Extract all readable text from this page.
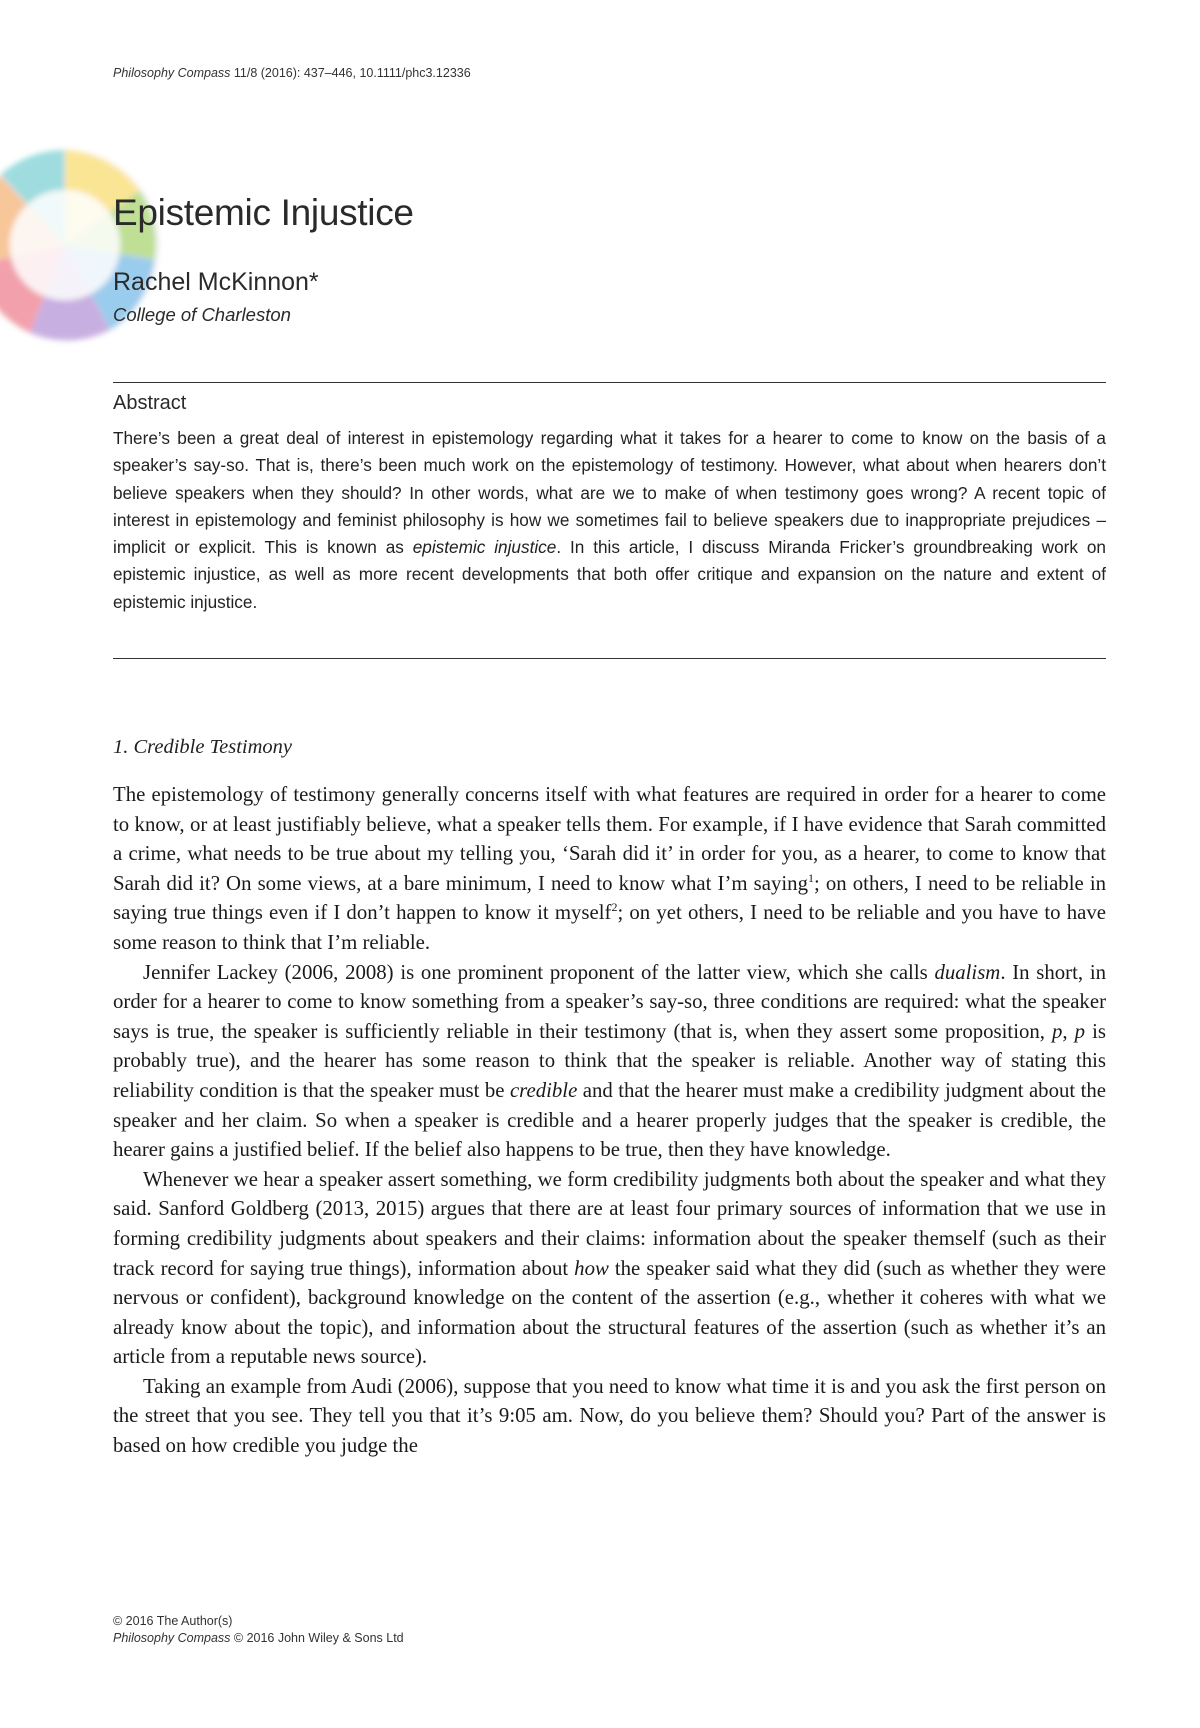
Philosophy Compass 11/8 (2016): 437–446, 10.1111/phc3.12336
Epistemic Injustice
Rachel McKinnon*
College of Charleston
Abstract

There’s been a great deal of interest in epistemology regarding what it takes for a hearer to come to know on the basis of a speaker’s say-so. That is, there’s been much work on the epistemology of testimony. However, what about when hearers don’t believe speakers when they should? In other words, what are we to make of when testimony goes wrong? A recent topic of interest in epistemology and feminist philosophy is how we sometimes fail to believe speakers due to inappropriate prejudices – implicit or explicit. This is known as epistemic injustice. In this article, I discuss Miranda Fricker’s groundbreaking work on epistemic injustice, as well as more recent developments that both offer critique and expansion on the nature and extent of epistemic injustice.

1. Credible Testimony

The epistemology of testimony generally concerns itself with what features are required in order for a hearer to come to know, or at least justifiably believe, what a speaker tells them. For example, if I have evidence that Sarah committed a crime, what needs to be true about my telling you, ‘Sarah did it’ in order for you, as a hearer, to come to know that Sarah did it? On some views, at a bare minimum, I need to know what I’m saying$^1$; on others, I need to be reliable in saying true things even if I don’t happen to know it myself$^2$; on yet others, I need to be reliable and you have to have some reason to think that I’m reliable.

Jennifer Lackey (2006, 2008) is one prominent proponent of the latter view, which she calls dualism. In short, in order for a hearer to come to know something from a speaker’s say-so, three conditions are required: what the speaker says is true, the speaker is sufficiently reliable in their testimony (that is, when they assert some proposition, p, p is probably true), and the hearer has some reason to think that the speaker is reliable. Another way of stating this reliability condition is that the speaker must be credible and that the hearer must make a credibility judgment about the speaker and her claim. So when a speaker is credible and a hearer properly judges that the speaker is credible, the hearer gains a justified belief. If the belief also happens to be true, then they have knowledge.

Whenever we hear a speaker assert something, we form credibility judgments both about the speaker and what they said. Sanford Goldberg (2013, 2015) argues that there are at least four primary sources of information that we use in forming credibility judgments about speakers and their claims: information about the speaker themself (such as their track record for saying true things), information about how the speaker said what they did (such as whether they were nervous or confident), background knowledge on the content of the assertion (e.g., whether it coheres with what we already know about the topic), and information about the structural features of the assertion (such as whether it’s an article from a reputable news source).

Taking an example from Audi (2006), suppose that you need to know what time it is and you ask the first person on the street that you see. They tell you that it’s 9:05 am. Now, do you believe them? Should you? Part of the answer is based on how credible you judge the

© 2016 The Author(s)
Philosophy Compass © 2016 John Wiley & Sons Ltd
